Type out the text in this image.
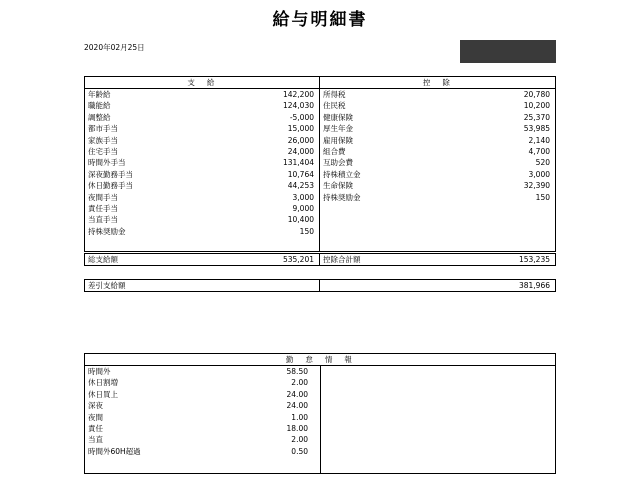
給与明細書
2020年02月25日
支　給
年齢給	142,200
職能給	124,030
調整給	-5,000
都市手当	15,000
家族手当	26,000
住宅手当	24,000
時間外手当	131,404
深夜勤務手当	10,764
休日勤務手当	44,253
夜間手当	3,000
責任手当	9,000
当直手当	10,400
持株奨励金	150
控　除
所得税	20,780
住民税	10,200
健康保険	25,370
厚生年金	53,985
雇用保険	2,140
組合費	4,700
互助会費	520
持株積立金	3,000
生命保険	32,390
持株奨励金	150
総支給額	535,201 控除合計額	153,235
差引支給額	381,966
勤　怠　情　報
時間外	58.50
休日割増	2.00
休日買上	24.00
深夜	24.00
夜間	1.00
責任	18.00
当直	2.00
時間外60H超過	0.50
